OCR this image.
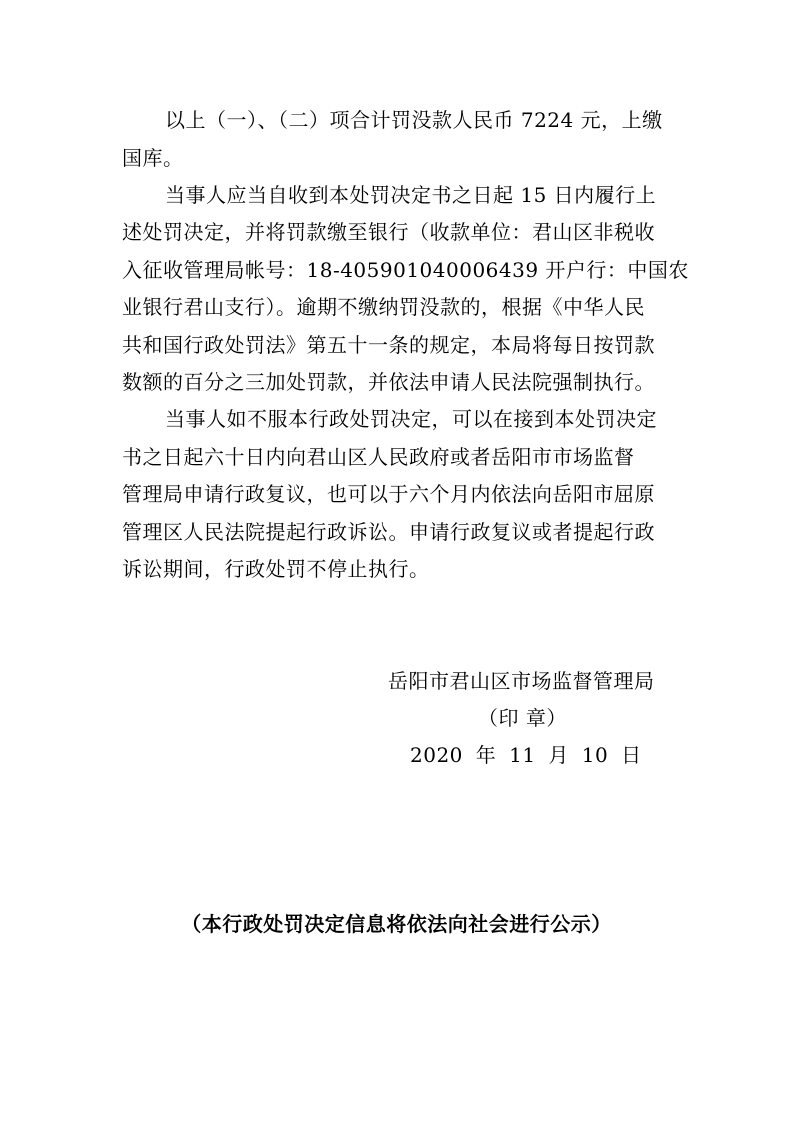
以上（一）、（二）项合计罚没款人民币 7224 元，上缴
国库。
当事人应当自收到本处罚决定书之日起 15 日内履行上
述处罚决定，并将罚款缴至银行（收款单位：君山区非税收
入征收管理局帐号：18-405901040006439 开户行：中国农
业银行君山支行）。逾期不缴纳罚没款的，根据《中华人民
共和国行政处罚法》第五十一条的规定，本局将每日按罚款
数额的百分之三加处罚款，并依法申请人民法院强制执行。
当事人如不服本行政处罚决定，可以在接到本处罚决定
书之日起六十日内向君山区人民政府或者岳阳市市场监督
管理局申请行政复议，也可以于六个月内依法向岳阳市屈原
管理区人民法院提起行政诉讼。申请行政复议或者提起行政
诉讼期间，行政处罚不停止执行。
岳阳市君山区市场监督管理局
（印 章）
2020 年 11 月 10 日
（本行政处罚决定信息将依法向社会进行公示）
